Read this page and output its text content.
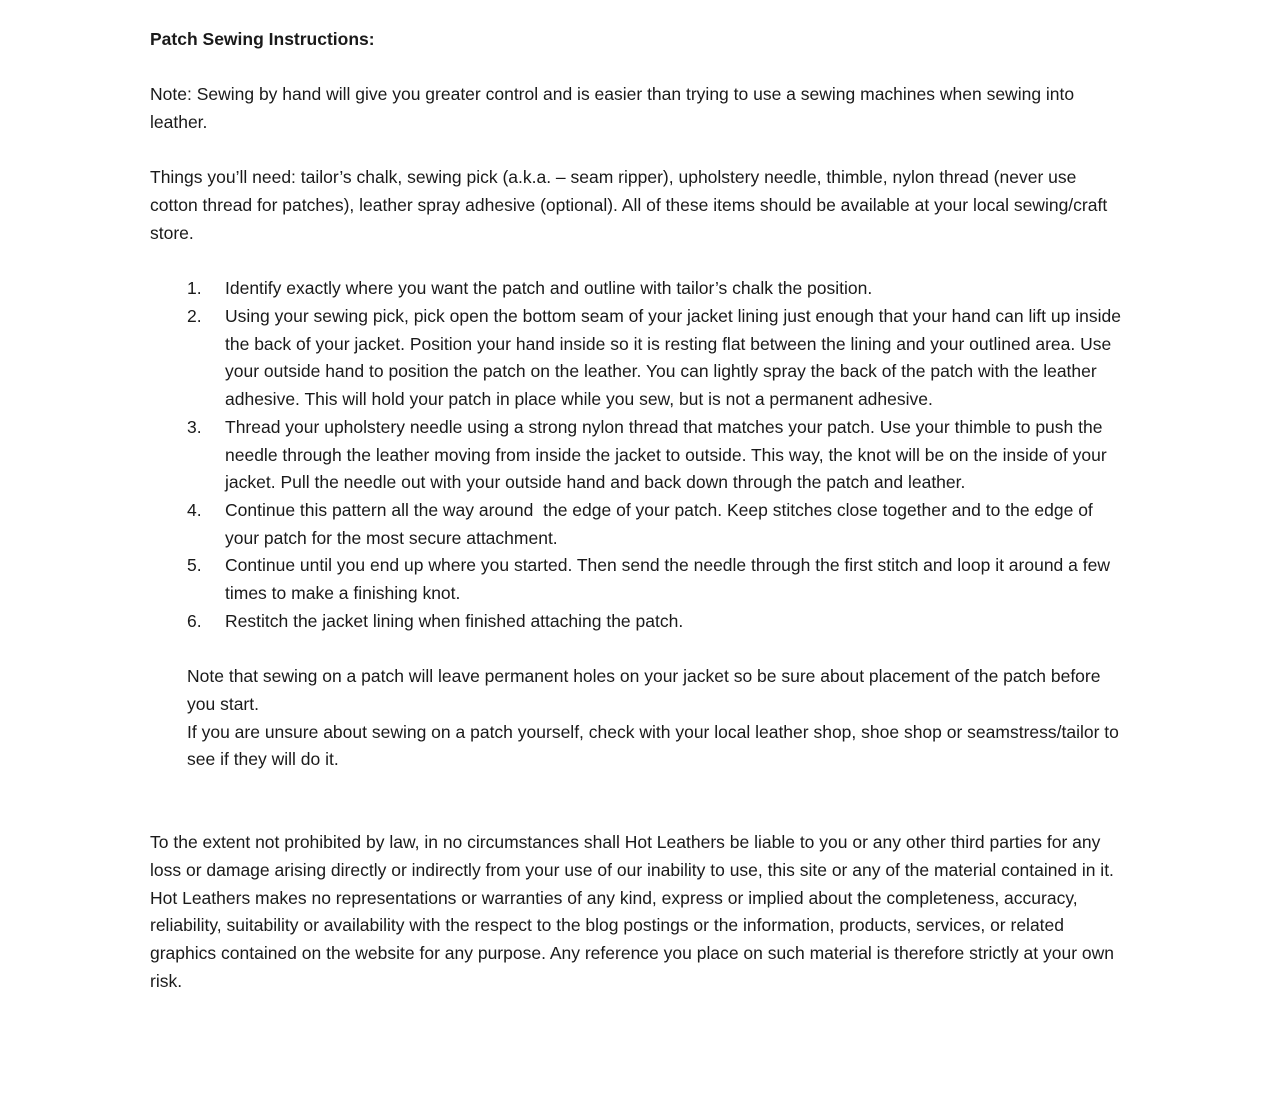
Patch Sewing Instructions:

Note: Sewing by hand will give you greater control and is easier than trying to use a sewing machines when sewing into leather.

Things you’ll need: tailor’s chalk, sewing pick (a.k.a. – seam ripper), upholstery needle, thimble, nylon thread (never use cotton thread for patches), leather spray adhesive (optional). All of these items should be available at your local sewing/craft store.

1.	Identify exactly where you want the patch and outline with tailor’s chalk the position.
2.	Using your sewing pick, pick open the bottom seam of your jacket lining just enough that your hand can lift up inside the back of your jacket. Position your hand inside so it is resting flat between the lining and your outlined area. Use your outside hand to position the patch on the leather. You can lightly spray the back of the patch with the leather adhesive. This will hold your patch in place while you sew, but is not a permanent adhesive.
3.	Thread your upholstery needle using a strong nylon thread that matches your patch. Use your thimble to push the needle through the leather moving from inside the jacket to outside. This way, the knot will be on the inside of your jacket. Pull the needle out with your outside hand and back down through the patch and leather.
4.	Continue this pattern all the way around  the edge of your patch. Keep stitches close together and to the edge of your patch for the most secure attachment.
5.	Continue until you end up where you started. Then send the needle through the first stitch and loop it around a few times to make a finishing knot.
6.	Restitch the jacket lining when finished attaching the patch.

Note that sewing on a patch will leave permanent holes on your jacket so be sure about placement of the patch before you start.

If you are unsure about sewing on a patch yourself, check with your local leather shop, shoe shop or seamstress/tailor to see if they will do it.

To the extent not prohibited by law, in no circumstances shall Hot Leathers be liable to you or any other third parties for any loss or damage arising directly or indirectly from your use of our inability to use, this site or any of the material contained in it. Hot Leathers makes no representations or warranties of any kind, express or implied about the completeness, accuracy, reliability, suitability or availability with the respect to the blog postings or the information, products, services, or related graphics contained on the website for any purpose. Any reference you place on such material is therefore strictly at your own risk.
